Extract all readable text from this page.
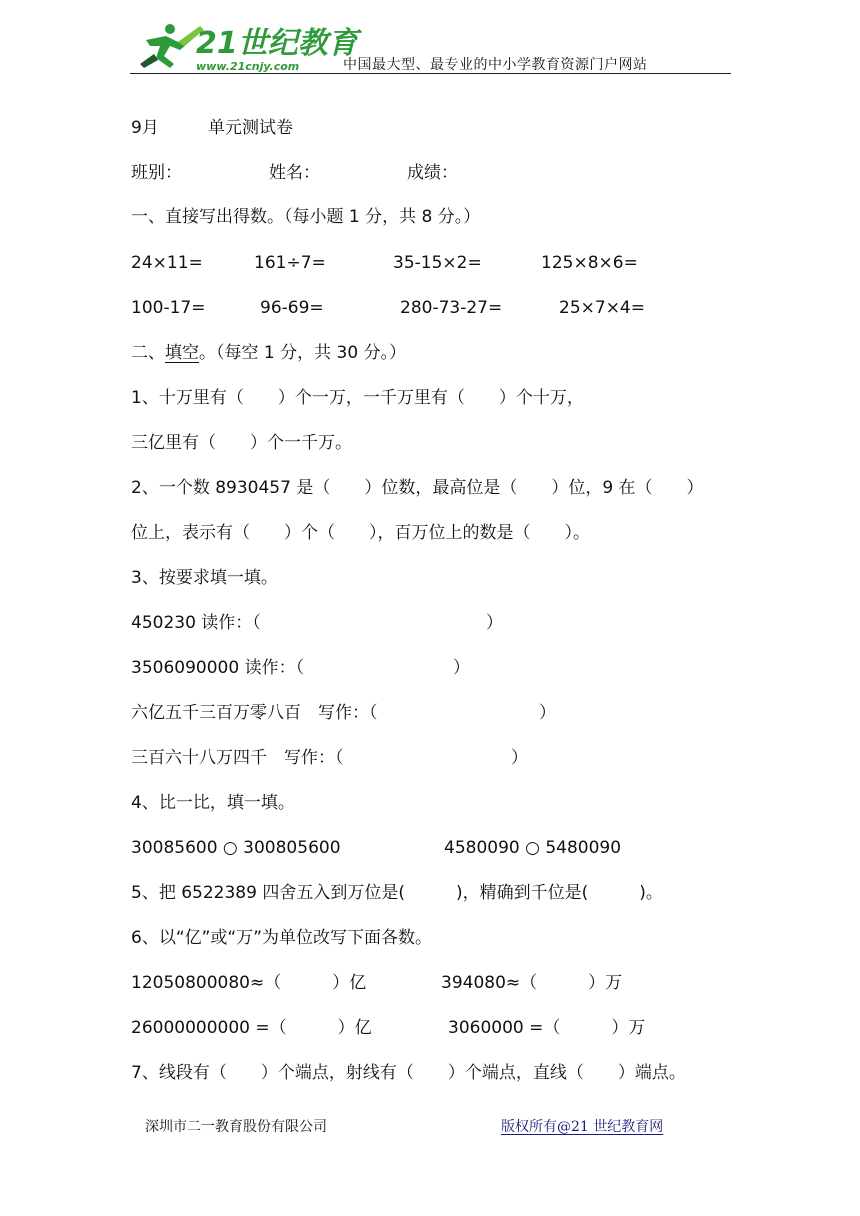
21世纪教育
www.21cnjy.com	中国最大型、最专业的中小学教育资源门户网站
9月	单元测试卷
班别：	姓名：	成绩：
一、直接写出得数。（每小题 1 分，共 8 分。）
24×11=	161÷7=	35-15×2=	125×8×6=
100-17=	96-69=	280-73-27=	25×7×4=
二、填空。（每空 1 分，共 30 分。）
1、十万里有（　　）个一万，一千万里有（　　）个十万，
三亿里有（　　）个一千万。
2、一个数 8930457 是（　　）位数，最高位是（　　）位，9 在（　　）
位上，表示有（　　）个（　　），百万位上的数是（　　）。
3、按要求填一填。
450230 读作：（	）
3506090000 读作：（	）
六亿五千三百万零八百　写作：（	）
三百六十八万四千　写作：（	）
4、比一比，填一填。
30085600 ○ 300805600	4580090 ○ 5480090
5、把 6522389 四舍五入到万位是(　　　)，精确到千位是(　　　)。
6、以“亿”或“万”为单位改写下面各数。
12050800080≈（　　　）亿	394080≈（　　　）万
26000000000 =（　　　）亿	3060000 =（　　　）万
7、线段有（　　）个端点，射线有（　　）个端点，直线（　　）端点。
深圳市二一教育股份有限公司	版权所有@21 世纪教育网
